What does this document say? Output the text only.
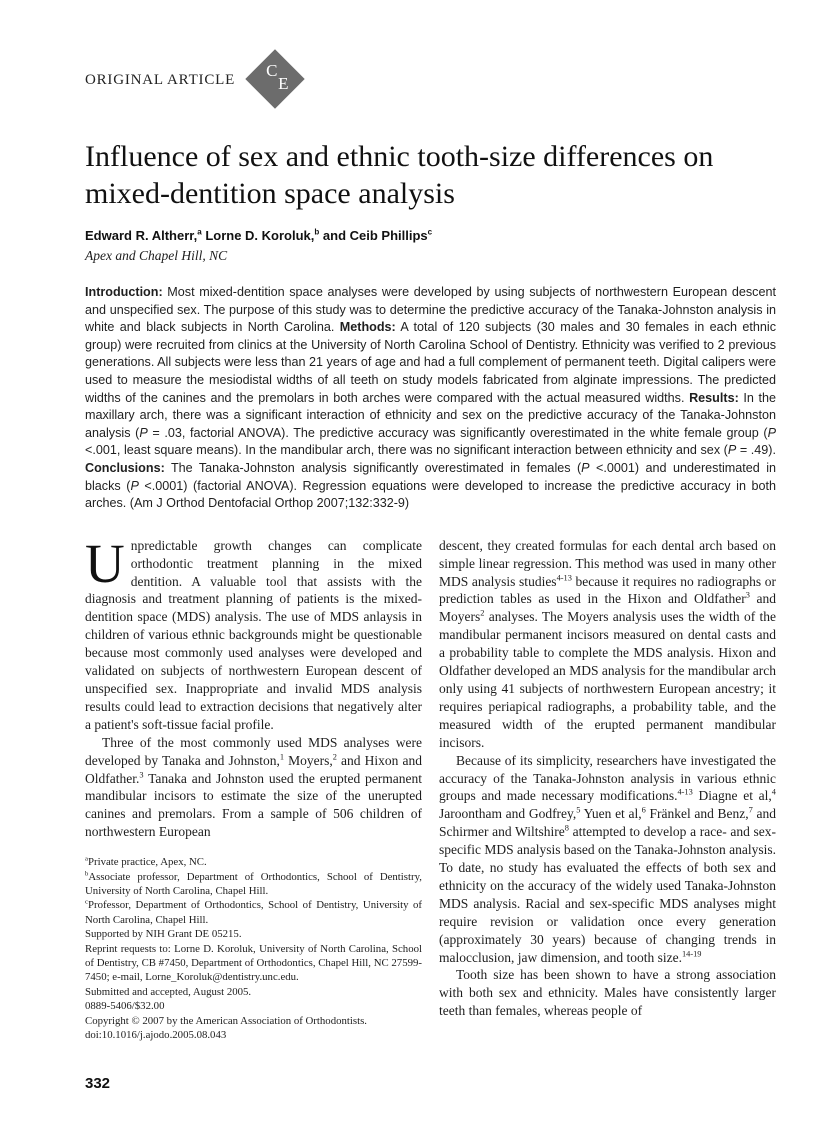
ORIGINAL ARTICLE C
E
Influence of sex and ethnic tooth-size differences on mixed-dentition space analysis
Edward R. Altherr,$^a$ Lorne D. Koroluk,$^b$ and Ceib Phillips$^c$
Apex and Chapel Hill, NC

Introduction: Most mixed-dentition space analyses were developed by using subjects of northwestern European descent and unspecified sex. The purpose of this study was to determine the predictive accuracy of the Tanaka-Johnston analysis in white and black subjects in North Carolina. Methods: A total of 120 subjects (30 males and 30 females in each ethnic group) were recruited from clinics at the University of North Carolina School of Dentistry. Ethnicity was verified to 2 previous generations. All subjects were less than 21 years of age and had a full complement of permanent teeth. Digital calipers were used to measure the mesiodistal widths of all teeth on study models fabricated from alginate impressions. The predicted widths of the canines and the premolars in both arches were compared with the actual measured widths. Results: In the maxillary arch, there was a significant interaction of ethnicity and sex on the predictive accuracy of the Tanaka-Johnston analysis (P = .03, factorial ANOVA). The predictive accuracy was significantly overestimated in the white female group (P <.001, least square means). In the mandibular arch, there was no significant interaction between ethnicity and sex (P = .49). Conclusions: The Tanaka-Johnston analysis significantly overestimated in females (P <.0001) and underestimated in blacks (P <.0001) (factorial ANOVA). Regression equations were developed to increase the predictive accuracy in both arches. (Am J Orthod Dentofacial Orthop 2007;132:332-9)

Unpredictable growth changes can complicate orthodontic treatment planning in the mixed dentition. A valuable tool that assists with the diagnosis and treatment planning of patients is the mixed-dentition space (MDS) analysis. The use of MDS anlaysis in children of various ethnic backgrounds might be questionable because most commonly used analyses were developed and validated on subjects of northwestern European descent of unspecified sex. Inappropriate and invalid MDS analysis results could lead to extraction decisions that negatively alter a patient's soft-tissue facial profile.

Three of the most commonly used MDS analyses were developed by Tanaka and Johnston,$^1$ Moyers,$^2$ and Hixon and Oldfather.$^3$ Tanaka and Johnston used the erupted permanent mandibular incisors to estimate the size of the unerupted canines and premolars. From a sample of 506 children of northwestern European

$^a$Private practice, Apex, NC.

$^b$Associate professor, Department of Orthodontics, School of Dentistry, University of North Carolina, Chapel Hill.

$^c$Professor, Department of Orthodontics, School of Dentistry, University of North Carolina, Chapel Hill.

Supported by NIH Grant DE 05215.

Reprint requests to: Lorne D. Koroluk, University of North Carolina, School of Dentistry, CB #7450, Department of Orthodontics, Chapel Hill, NC 27599-7450; e-mail, Lorne_Koroluk@dentistry.unc.edu.

Submitted and accepted, August 2005.

0889-5406/$32.00

Copyright © 2007 by the American Association of Orthodontists.

doi:10.1016/j.ajodo.2005.08.043

descent, they created formulas for each dental arch based on simple linear regression. This method was used in many other MDS analysis studies$^{4-13}$ because it requires no radiographs or prediction tables as used in the Hixon and Oldfather$^3$ and Moyers$^2$ analyses. The Moyers analysis uses the width of the mandibular permanent incisors measured on dental casts and a probability table to complete the MDS analysis. Hixon and Oldfather developed an MDS analysis for the mandibular arch only using 41 subjects of northwestern European ancestry; it requires periapical radiographs, a probability table, and the measured width of the erupted permanent mandibular incisors.

Because of its simplicity, researchers have investigated the accuracy of the Tanaka-Johnston analysis in various ethnic groups and made necessary modifications.$^{4-13}$ Diagne et al,$^4$ Jaroontham and Godfrey,$^5$ Yuen et al,$^6$ Fränkel and Benz,$^7$ and Schirmer and Wiltshire$^8$ attempted to develop a race- and sex-specific MDS analysis based on the Tanaka-Johnston analysis. To date, no study has evaluated the effects of both sex and ethnicity on the accuracy of the widely used Tanaka-Johnston MDS analysis. Racial and sex-specific MDS analyses might require revision or validation once every generation (approximately 30 years) because of changing trends in malocclusion, jaw dimension, and tooth size.$^{14-19}$

Tooth size has been shown to have a strong association with both sex and ethnicity. Males have consistently larger teeth than females, whereas people of

332
